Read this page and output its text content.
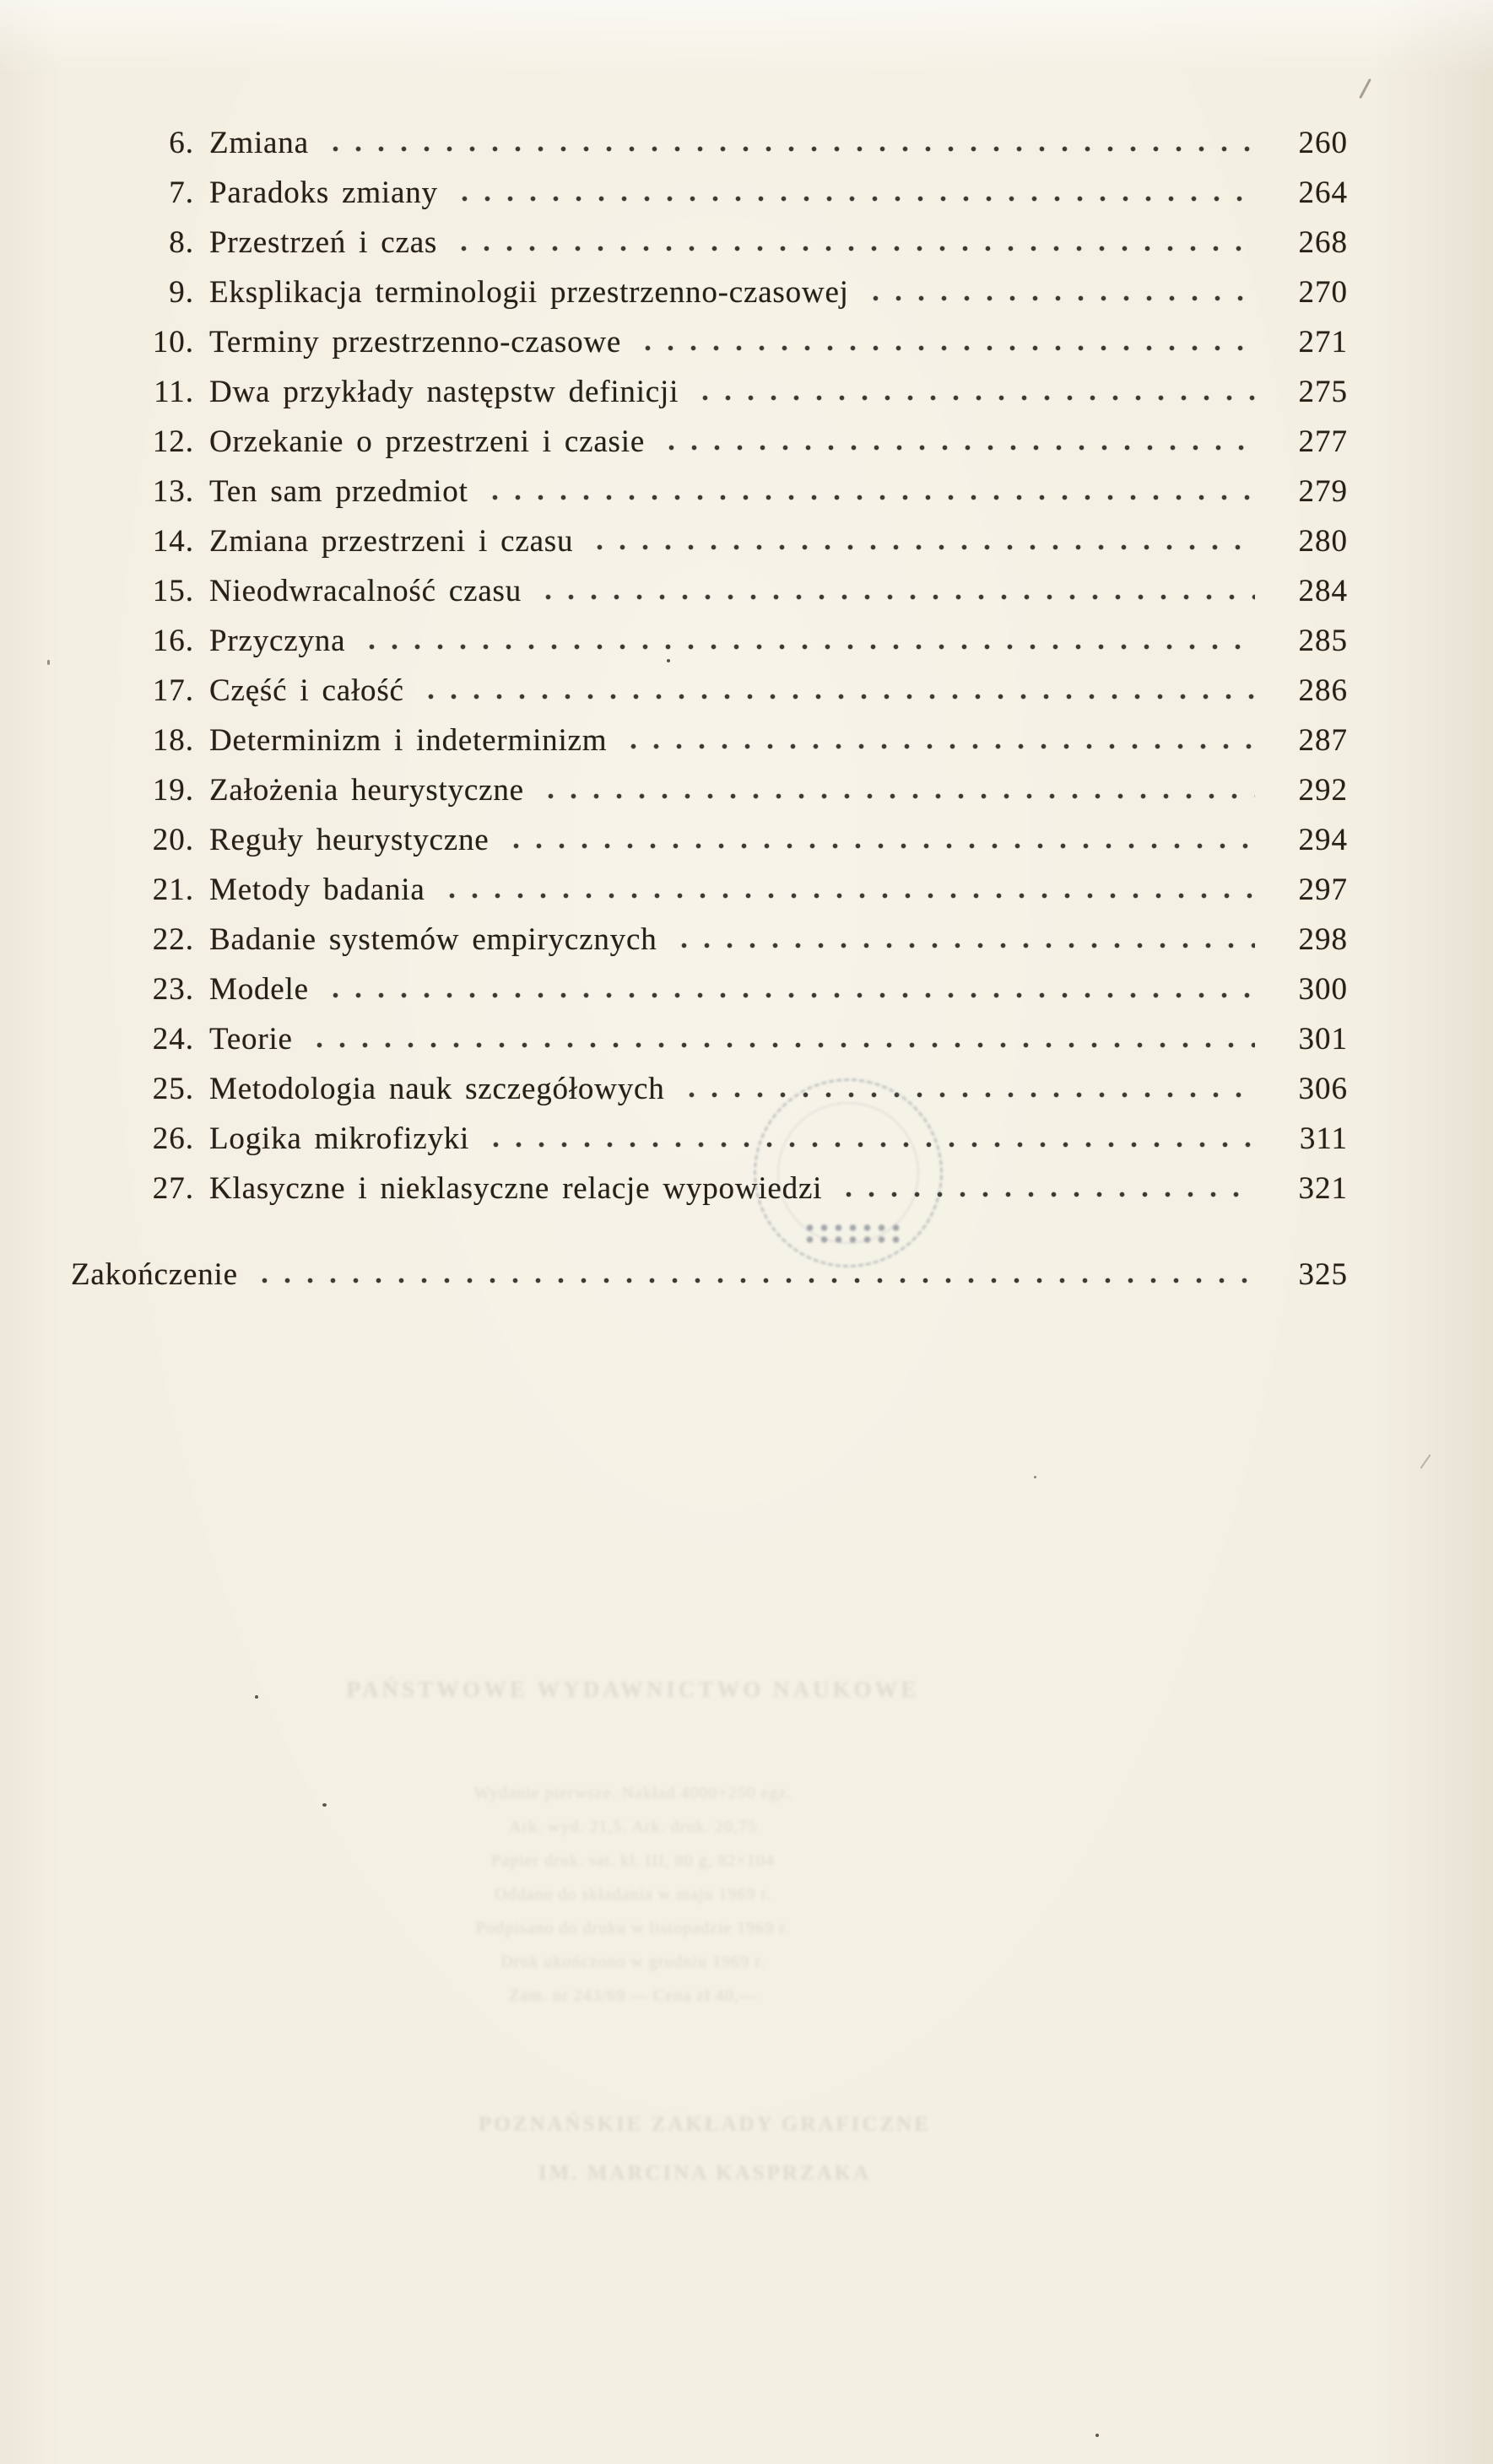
6. Zmiana	260
7. Paradoks zmiany	264
8. Przestrzeń i czas	268
9. Eksplikacja terminologii przestrzenno-czasowej	270
10. Terminy przestrzenno-czasowe	271
11. Dwa przykłady następstw definicji	275
12. Orzekanie o przestrzeni i czasie	277
13. Ten sam przedmiot	279
14. Zmiana przestrzeni i czasu	280
15. Nieodwracalność czasu	284
16. Przyczyna	285
17. Część i całość	286
18. Determinizm i indeterminizm	287
19. Założenia heurystyczne	292
20. Reguły heurystyczne	294
21. Metody badania	297
22. Badanie systemów empirycznych	298
23. Modele	300
24. Teorie	301
25. Metodologia nauk szczegółowych	306
26. Logika mikrofizyki	311
27. Klasyczne i nieklasyczne relacje wypowiedzi	321
Zakończenie	325
PAŃSTWOWE WYDAWNICTWO NAUKOWE
Wydanie pierwsze. Nakład 4000+250 egz.
Ark. wyd. 21,5. Ark. druk. 20,75
Papier druk. sat. kl. III, 80 g, 82×104
Oddano do składania w maju 1969 r.
Podpisano do druku w listopadzie 1969 r.
Druk ukończono w grudniu 1969 r.
Zam. nr 243/69 — Cena zł 40,—
POZNAŃSKIE ZAKŁADY GRAFICZNE
IM. MARCINA KASPRZAKA
